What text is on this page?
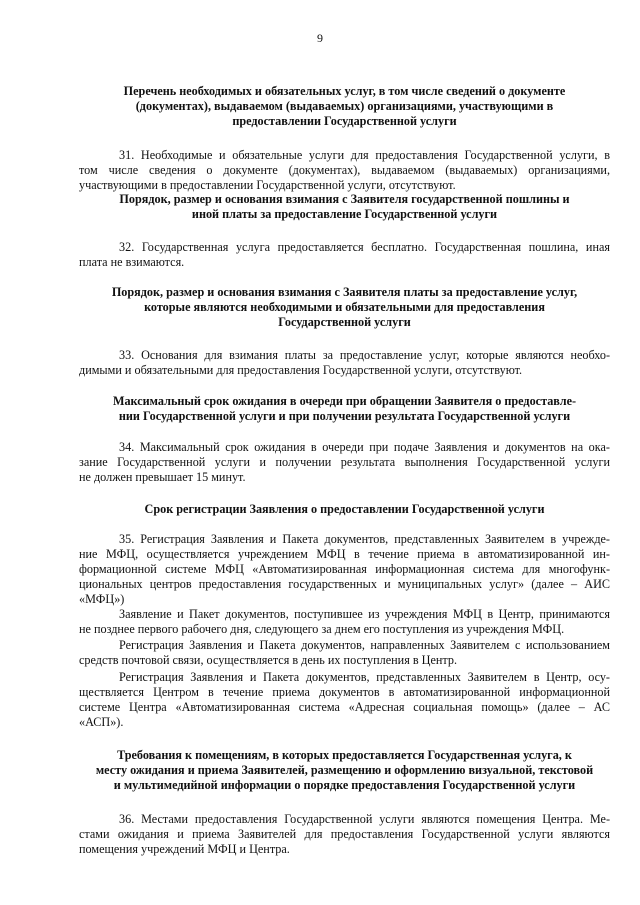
9
Перечень необходимых и обязательных услуг, в том числе сведений о документе
(документах), выдаваемом (выдаваемых) организациями, участвующими в
предоставлении Государственной услуги
31. Необходимые и обязательные услуги для предоставления Государственной услуги, в
том числе сведения о документе (документах), выдаваемом (выдаваемых) организациями,
участвующими в предоставлении Государственной услуги, отсутствуют.
Порядок, размер и основания взимания с Заявителя государственной пошлины и
иной платы за предоставление Государственной услуги
32. Государственная услуга предоставляется бесплатно. Государственная пошлина, иная
плата не взимаются.
Порядок, размер и основания взимания с Заявителя платы за предоставление услуг,
которые являются необходимыми и обязательными для предоставления
Государственной услуги
33. Основания для взимания платы за предоставление услуг, которые являются необхо-
димыми и обязательными для предоставления Государственной услуги, отсутствуют.
Максимальный срок ожидания в очереди при обращении Заявителя о предоставле-
нии Государственной услуги и при получении результата Государственной услуги
34. Максимальный срок ожидания в очереди при подаче Заявления и документов на ока-
зание Государственной услуги и получении результата выполнения Государственной услуги
не должен превышает 15 минут.
Срок регистрации Заявления о предоставлении Государственной услуги
35. Регистрация Заявления и Пакета документов, представленных Заявителем в учрежде-
ние МФЦ, осуществляется учреждением МФЦ в течение приема в автоматизированной ин-
формационной системе МФЦ «Автоматизированная информационная система для многофунк-
циональных центров предоставления государственных и муниципальных услуг» (далее – АИС
«МФЦ»)
Заявление и Пакет документов, поступившее из учреждения МФЦ в Центр, принимаются
не позднее первого рабочего дня, следующего за днем его поступления из учреждения МФЦ.
Регистрация Заявления и Пакета документов, направленных Заявителем с использованием
средств почтовой связи, осуществляется в день их поступления в Центр.
Регистрация Заявления и Пакета документов, представленных Заявителем в Центр, осу-
ществляется Центром в течение приема документов в автоматизированной информационной
системе Центра «Автоматизированная система «Адресная социальная помощь» (далее – АС
«АСП»).
Требования к помещениям, в которых предоставляется Государственная услуга, к
месту ожидания и приема Заявителей, размещению и оформлению визуальной, текстовой
и мультимедийной информации о порядке предоставления Государственной услуги
36. Местами предоставления Государственной услуги являются помещения Центра. Ме-
стами ожидания и приема Заявителей для предоставления Государственной услуги являются
помещения учреждений МФЦ и Центра.
